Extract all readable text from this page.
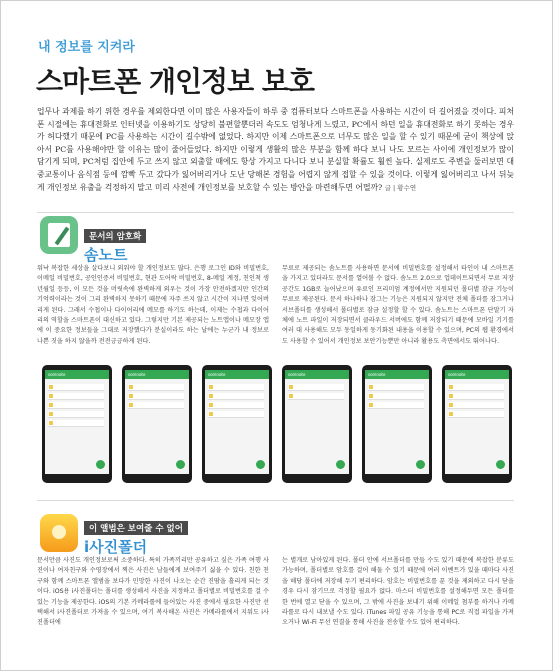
내 정보를 지켜라
스마트폰 개인정보 보호
업무나 과제를 하기 위한 경우를 제외한다면 이미 많은 사용자들이 하루 중 컴퓨터보다 스마트폰을 사용하는 시간이 더 길어졌을 것이다. 피처폰 시절에는 휴대전화로 인터넷을 이용하기도 상당히 불편할뿐더러 속도도 엄청나게 느렸고, PC에서 하던 일을 휴대전화로 하기 못하는 경우가 허다했기 때문에 PC를 사용하는 시간이 길수밖에 없었다. 하지만 이제 스마트폰으로 너무도 많은 일을 할 수 있기 때문에 굳이 책상에 앉아서 PC를 사용해야만 할 이유는 많이 줄어들었다. 하지만 이렇게 생활의 많은 부분을 함께 하다 보니 나도 모르는 사이에 개인정보가 많이 담기게 되며, PC처럼 집안에 두고 쓰지 않고 외출할 때에도 항상 가지고 다니다 보니 분실할 확률도 훨씬 높다. 실제로도 주변을 둘러보면 대중교통이나 음식점 등에 깜빡 두고 갔다가 잃어버리거나 도난 당해본 경험을 어렵지 않게 접할 수 있을 것이다. 이렇게 잃어버리고 나서 뒤늦게 개인정보 유출을 걱정하지 말고 미리 사전에 개인정보를 보호할 수 있는 방안을 마련해두면 어떨까? 글 | 황수연
문서의 암호화
솜노트
워낙 복잡한 세상을 살다보니 외워야 할 개인정보도 많다. 은행 로그인 ID와 비밀번호, 이메일 비밀번호, 공인인증서 비밀번호, 현관 도어락 비밀번호, 8-메일 계정, 친인척 생년월일 등등, 이 모든 것을 머릿속에 완벽하게 외우는 것이 가장 안전하겠지만 인간의 기억력이라는 것이 그리 완벽하지 못하기 때문에 자주 쓰지 않고 시간이 지나면 잊어버리게 된다. 그래서 수첩이나 다이어리에 메모를 하기도 하는데, 이제는 수첩과 다이어리의 역할을 스마트폰이 대신하고 있다. 그렇지만 기본 제공되는 노트앱이나 메모장 앱에 이 중요한 정보들을 그대로 저장했다가 분실이라도 하는 날에는 누군가 내 정보로 나쁜 짓을 하지 않을까 전전긍긍하게 된다.
무료로 제공되는 솜노트를 사용하면 문서에 비밀번호를 설정해서 타인이 내 스마트폰을 가지고 있더라도 문서를 열어볼 수 없다. 솜노트 2.0으로 업데이트되면서 무료 저장 공간도 1GB로 늘어났으며 유료인 프리미엄 계정에서만 지원되던 폴더별 잠금 기능이 무료로 제공된다. 문서 하나하나 잠그는 기능은 지원되지 않지만 전체 폴더를 잠그거나 서브폴더를 생성해서 폴더별로 잠금 설정할 할 수 있다. 솜노트는 스마트폰 단말기 자체에 노트 파일이 저장되면서 클라우드 서버에도 함께 저장되기 때문에 모바일 기기를 여러 대 사용해도 모두 동일하게 동기화된 내용을 이용할 수 있으며, PC의 웹 환경에서도 사용할 수 있어서 개인정보 보안기능뿐만 아니라 활용도 측면에서도 뛰어나다.
somnote	somnote	somnote	somnote	somnote	somnote
이 앨범은 보여줄 수 없어
i사진폴더
문서만큼 사진도 개인정보로써 소중하다. 특히 가족끼리만 공유하고 싶은 가족 여행 사진이나 여자친구와 수영장에서 찍은 사진은 남들에게 보여주기 싫을 수 있다. 친한 친구와 함께 스마트폰 앨범을 보다가 민망한 사진이 나오는 순간 진땀을 흘리게 되는 것이다. iOS용 i사진폴더는 폴더를 생성해서 사진을 지정하고 폴더별로 비밀번호를 걸 수 있는 기능을 제공한다. iOS의 기본 카메라롤에 들어있는 사진 중에서 필요한 사진만 선택해서 i사진폴더로 가져올 수 있으며, 여기 복사해온 사진은 카메라롤에서 지워도 i사진폴더에
는 별개로 남아있게 된다. 폴더 안에 서브폴더를 만들 수도 있기 때문에 복잡한 분류도 가능하며, 폴더별로 암호를 걸어 해둘 수 있기 때문에 여러 이벤트가 있을 때마다 사진을 해당 폴더에 저장해 두기 편리하다. 암호는 비밀번호를 푼 것을 제외하고 다시 닫을 경우 다시 잠기므로 걱정할 필요가 없다. 마스터 비밀번호를 설정해두면 모든 폴더를 한 번에 열고 닫을 수 있으며, 그 밖에 사진을 보내기 위해 이메일 첨부를 하거나 카메라롤로 다시 내보낼 수도 있다. iTunes 파일 공유 기능을 통해 PC로 직접 파일을 가져오거나 Wi-Fi 무선 연결을 통해 사진을 전송할 수도 있어 편리하다.
